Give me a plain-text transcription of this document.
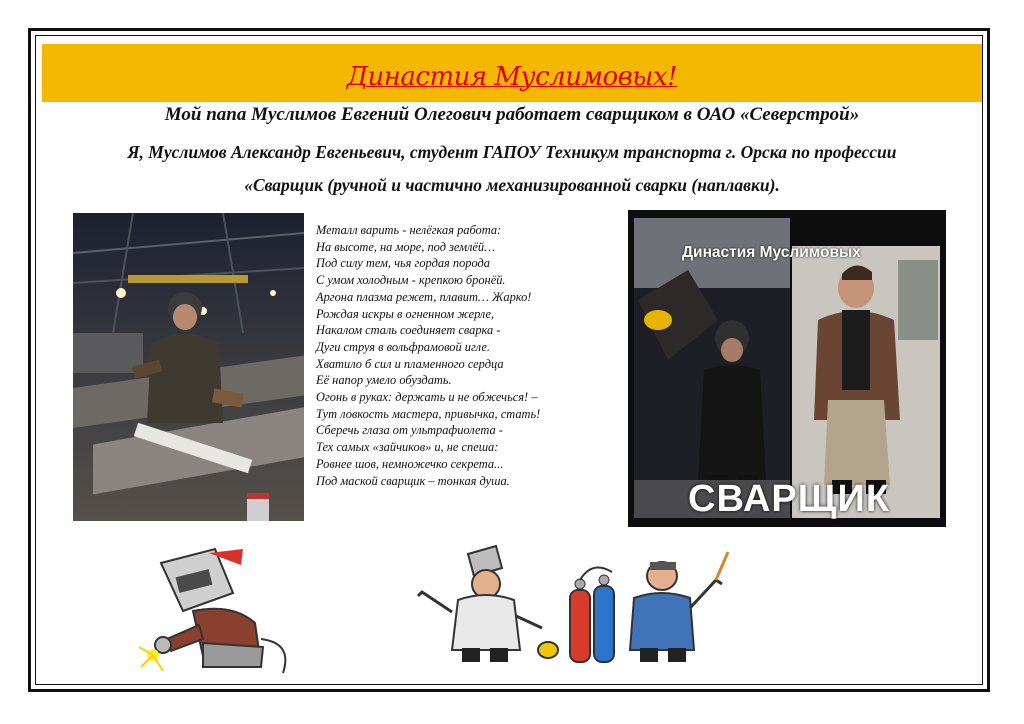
Династия Муслимовых!
Мой папа Муслимов Евгений Олегович работает сварщиком в ОАО «Северстрой»
Я, Муслимов Александр Евгеньевич, студент ГАПОУ Техникум транспорта г. Орска по профессии
«Сварщик (ручной и частично механизированной сварки (наплавки).
Металл варить - нелёгкая работа:
На высоте, на море, под землёй…
Под силу тем, чья гордая порода
С умом холодным - крепкою бронёй.
Аргона плазма режет, плавит… Жарко!
Рождая искры в огненном жерле,
Накалом сталь соединяет сварка -
Дуги струя в вольфрамовой игле.
Хватило б сил и пламенного сердца
Её напор умело обуздать.
Огонь в руках: держать и не обжечься! –
Тут ловкость мастера, привычка, стать!
Сберечь глаза от ультрафиолета -
Тех самых «зайчиков» и, не спеша:
Ровнее шов, немножечко секрета...
Под маской сварщик – тонкая душа.
Династия Муслимовых
СВАРЩИК
